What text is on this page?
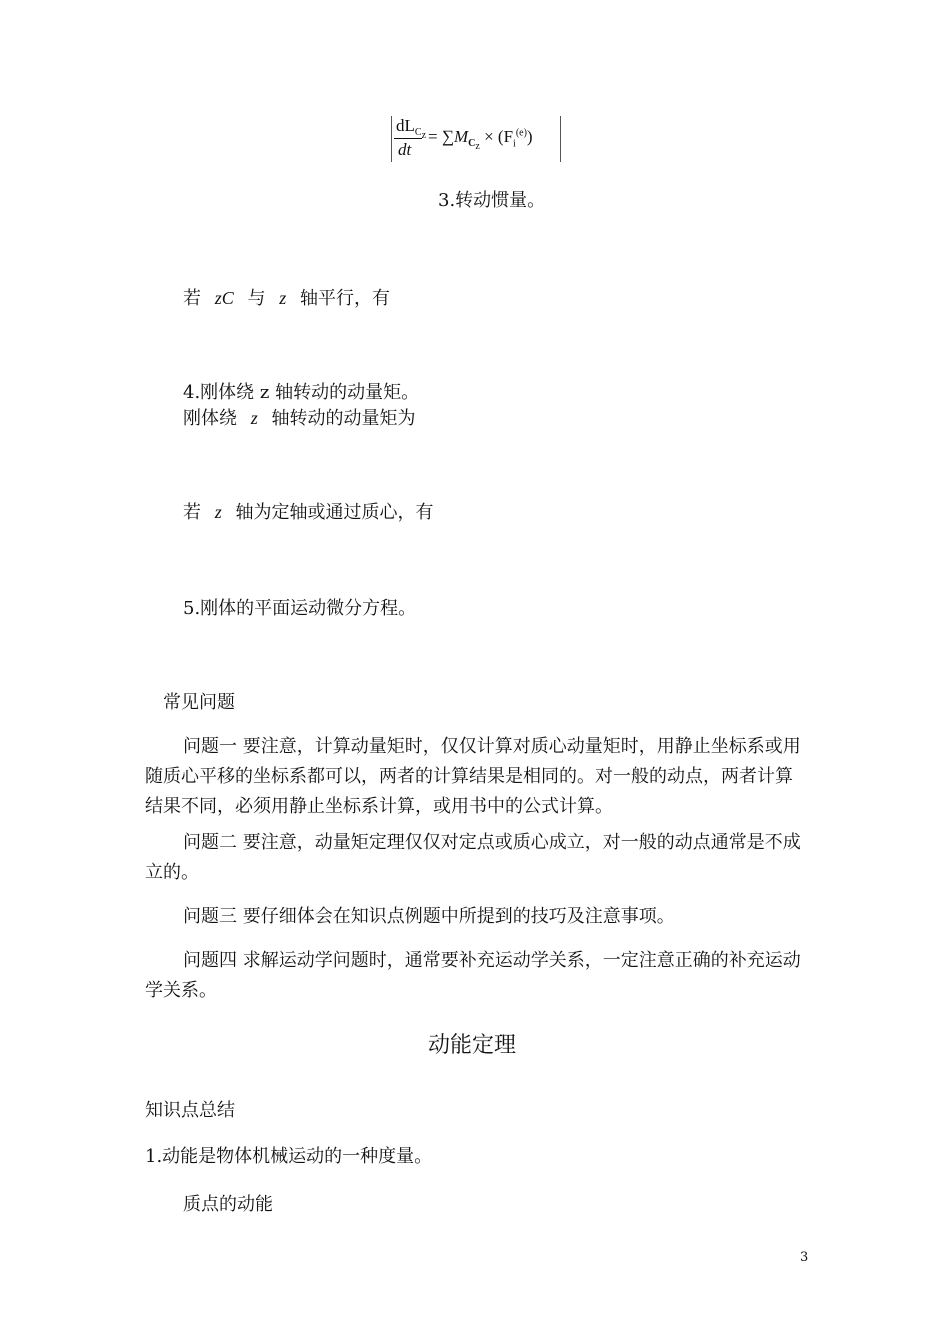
$dL_{C_z}$
dt
= $\sum M_{C_z} \times (F_i^{(e)})$
3.转动惯量。
若 zC 与 z 轴平行，有
4.刚体绕 z 轴转动的动量矩。
刚体绕 z 轴转动的动量矩为
若 z 轴为定轴或通过质心，有
5.刚体的平面运动微分方程。
常见问题
问题一 要注意，计算动量矩时，仅仅计算对质心动量矩时，用静止坐标系或用随质心平移的坐标系都可以，两者的计算结果是相同的。对一般的动点，两者计算结果不同，必须用静止坐标系计算，或用书中的公式计算。
问题二 要注意，动量矩定理仅仅对定点或质心成立，对一般的动点通常是不成立的。
问题三 要仔细体会在知识点例题中所提到的技巧及注意事项。
问题四 求解运动学问题时，通常要补充运动学关系，一定注意正确的补充运动学关系。
动能定理
知识点总结
1.动能是物体机械运动的一种度量。
质点的动能
3
